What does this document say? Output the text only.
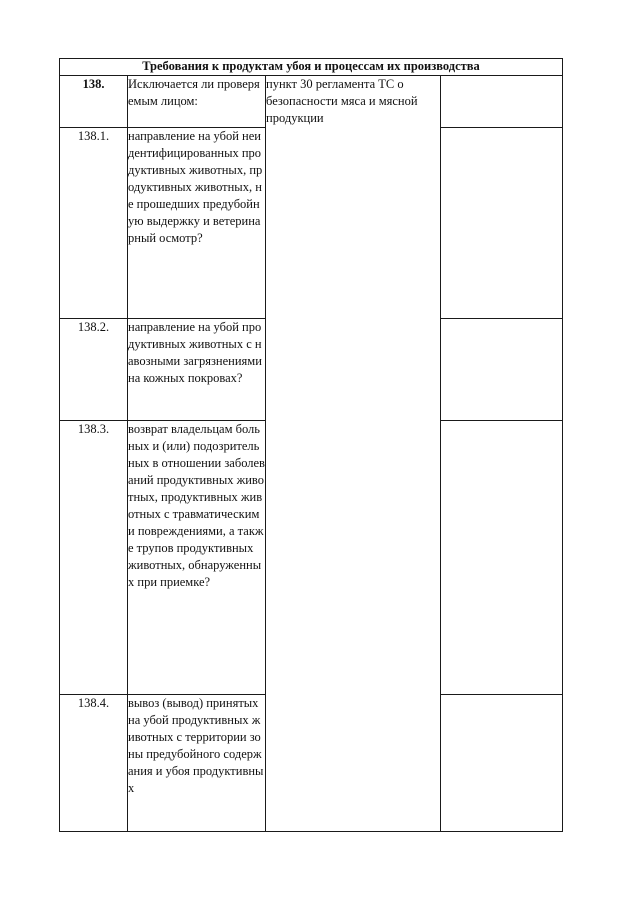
Требования к продуктам убоя и процессам их производства			
138.	Исключается ли проверяемым лицом:	пункт 30 регламента ТС о безопасности мяса и мясной продукции	
138.1.	направление на убой неидентифицированных продуктивных животных, продуктивных животных, не прошедших предубойную выдержку и ветеринарный осмотр?		
138.2.	направление на убой продуктивных животных с навозными загрязнениями на кожных покровах?		
138.3.	возврат владельцам больных и (или) подозрительных в отношении заболеваний продуктивных животных, продуктивных животных с травматическими повреждениями, а также трупов продуктивных животных, обнаруженных при приемке?		
138.4.	вывоз (вывод) принятых на убой продуктивных животных с территории зоны предубойного содержания и убоя продуктивных		
